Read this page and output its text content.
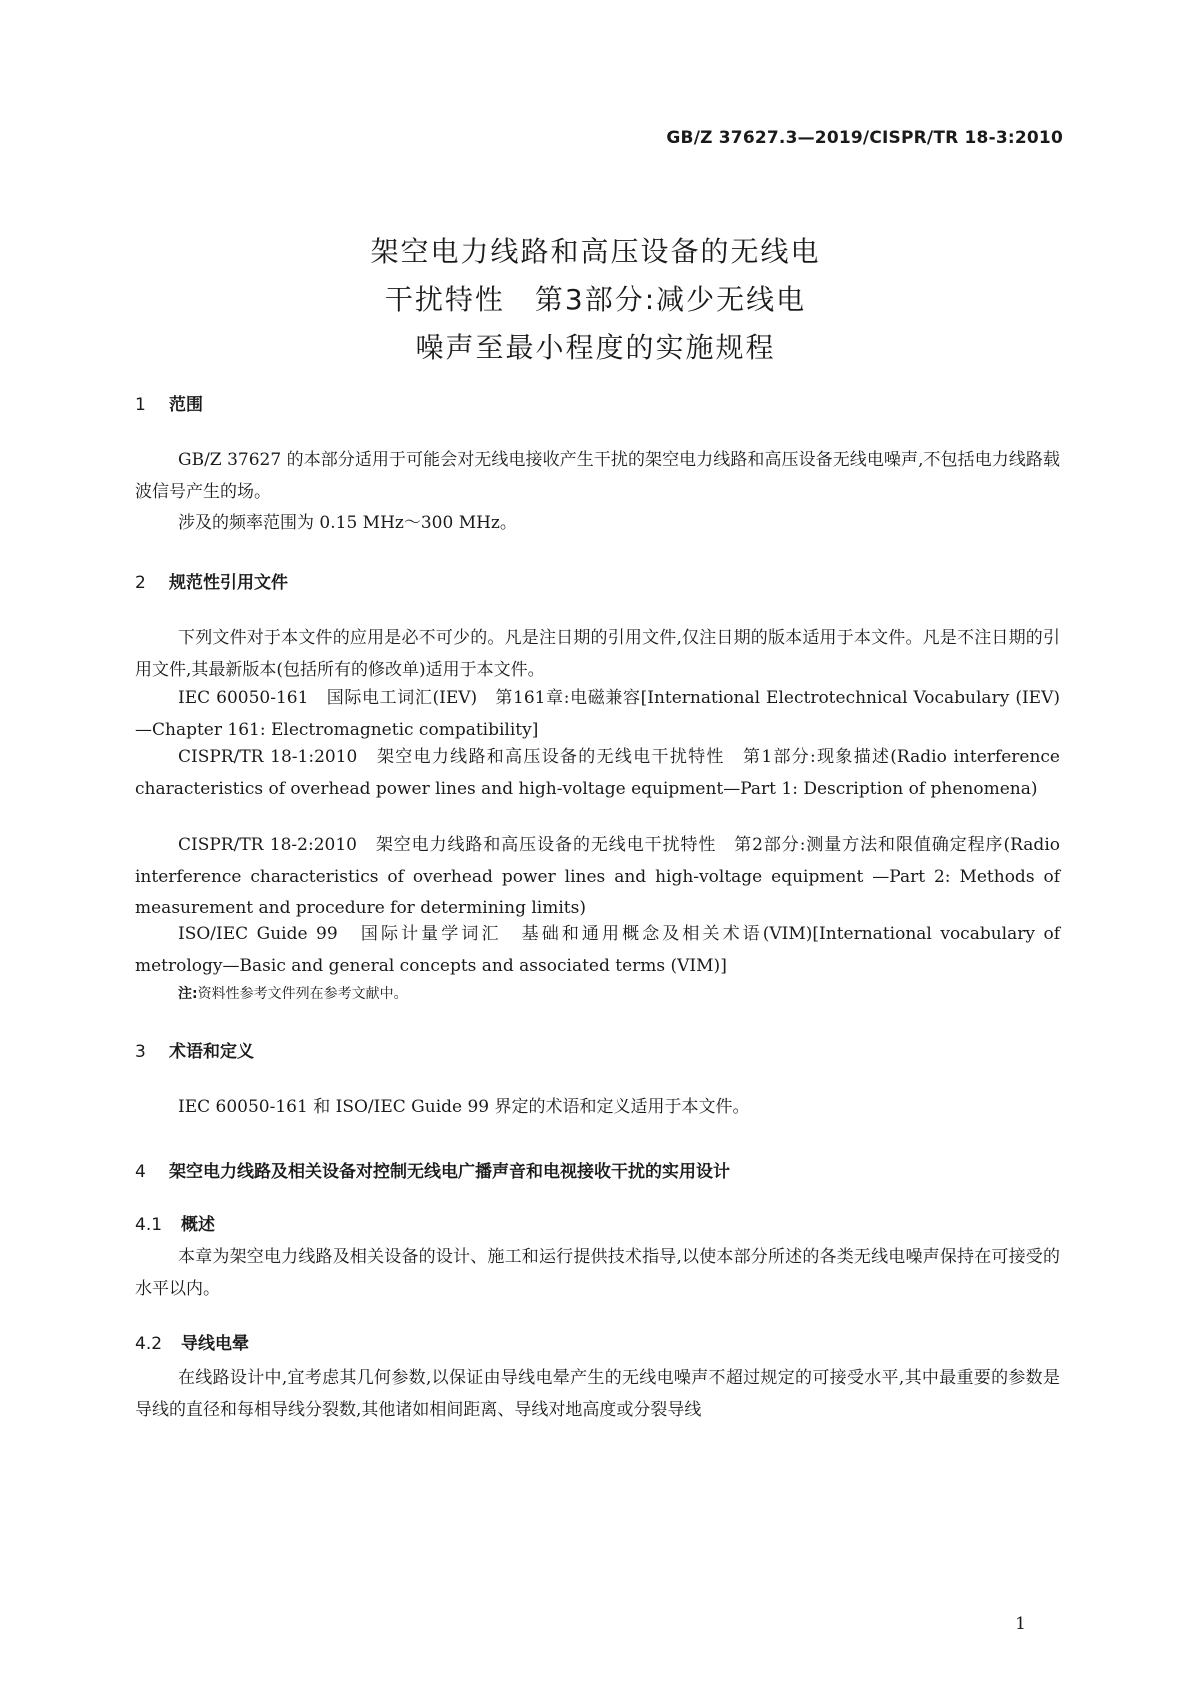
GB/Z 37627.3—2019/CISPR/TR 18-3:2010
架空电力线路和高压设备的无线电
干扰特性　第3部分:减少无线电
噪声至最小程度的实施规程
1 范围

GB/Z 37627 的本部分适用于可能会对无线电接收产生干扰的架空电力线路和高压设备无线电噪声,不包括电力线路载波信号产生的场。

涉及的频率范围为 0.15 MHz～300 MHz。

2 规范性引用文件

下列文件对于本文件的应用是必不可少的。凡是注日期的引用文件,仅注日期的版本适用于本文件。凡是不注日期的引用文件,其最新版本(包括所有的修改单)适用于本文件。

IEC 60050-161　国际电工词汇(IEV)　第161章:电磁兼容[International Electrotechnical Vocabulary (IEV)—Chapter 161: Electromagnetic compatibility]

CISPR/TR 18-1:2010　架空电力线路和高压设备的无线电干扰特性　第1部分:现象描述(Radio interference characteristics of overhead power lines and high-voltage equipment—Part 1: Description of phenomena)

CISPR/TR 18-2:2010　架空电力线路和高压设备的无线电干扰特性　第2部分:测量方法和限值确定程序(Radio interference characteristics of overhead power lines and high-voltage equipment —Part 2: Methods of measurement and procedure for determining limits)

ISO/IEC Guide 99　国际计量学词汇　基础和通用概念及相关术语(VIM)[International vocabulary of metrology—Basic and general concepts and associated terms (VIM)]

注:资料性参考文件列在参考文献中。

3 术语和定义

IEC 60050-161 和 ISO/IEC Guide 99 界定的术语和定义适用于本文件。

4 架空电力线路及相关设备对控制无线电广播声音和电视接收干扰的实用设计
4.1 概述

本章为架空电力线路及相关设备的设计、施工和运行提供技术指导,以使本部分所述的各类无线电噪声保持在可接受的水平以内。

4.2 导线电晕

在线路设计中,宜考虑其几何参数,以保证由导线电晕产生的无线电噪声不超过规定的可接受水平,其中最重要的参数是导线的直径和每相导线分裂数,其他诸如相间距离、导线对地高度或分裂导线

1
